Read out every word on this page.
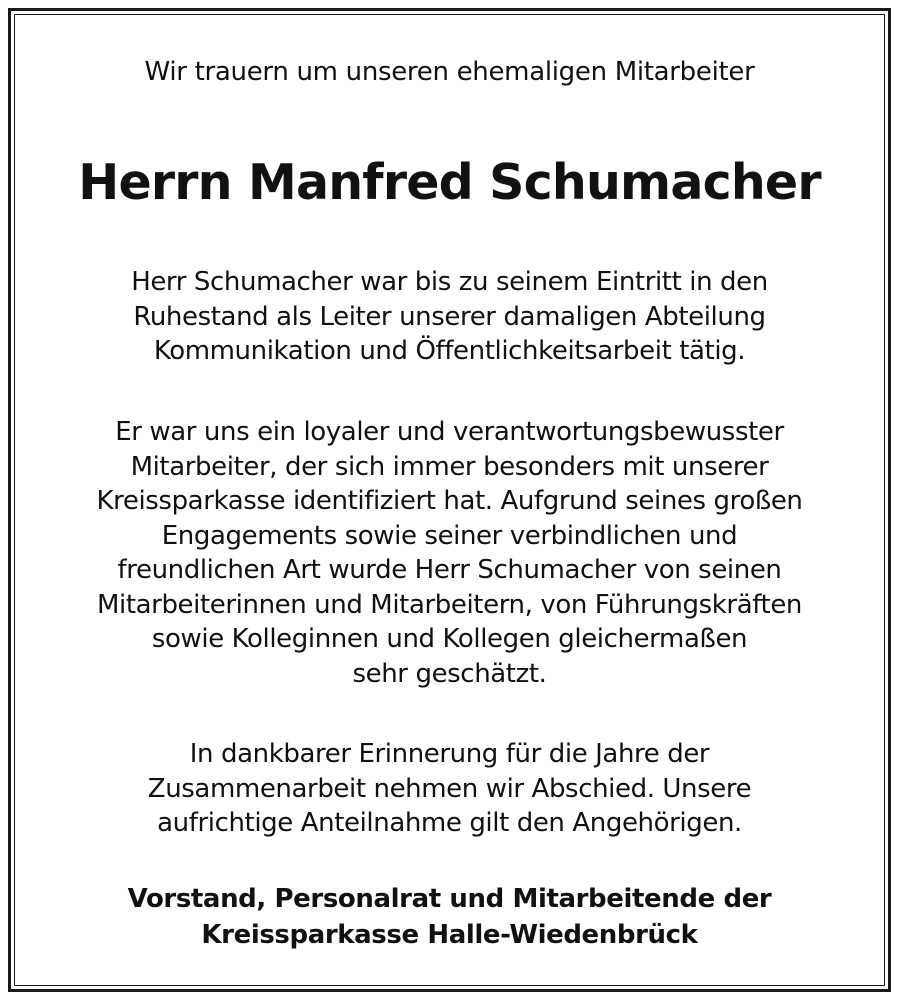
Wir trauern um unseren ehemaligen Mitarbeiter
Herrn Manfred Schumacher
Herr Schumacher war bis zu seinem Eintritt in den
Ruhestand als Leiter unserer damaligen Abteilung
Kommunikation und Öffentlichkeitsarbeit tätig.
Er war uns ein loyaler und verantwortungsbewusster
Mitarbeiter, der sich immer besonders mit unserer
Kreissparkasse identifiziert hat. Aufgrund seines großen
Engagements sowie seiner verbindlichen und
freundlichen Art wurde Herr Schumacher von seinen
Mitarbeiterinnen und Mitarbeitern, von Führungskräften
sowie Kolleginnen und Kollegen gleichermaßen
sehr geschätzt.
In dankbarer Erinnerung für die Jahre der
Zusammenarbeit nehmen wir Abschied. Unsere
aufrichtige Anteilnahme gilt den Angehörigen.
Vorstand, Personalrat und Mitarbeitende der
Kreissparkasse Halle-Wiedenbrück
